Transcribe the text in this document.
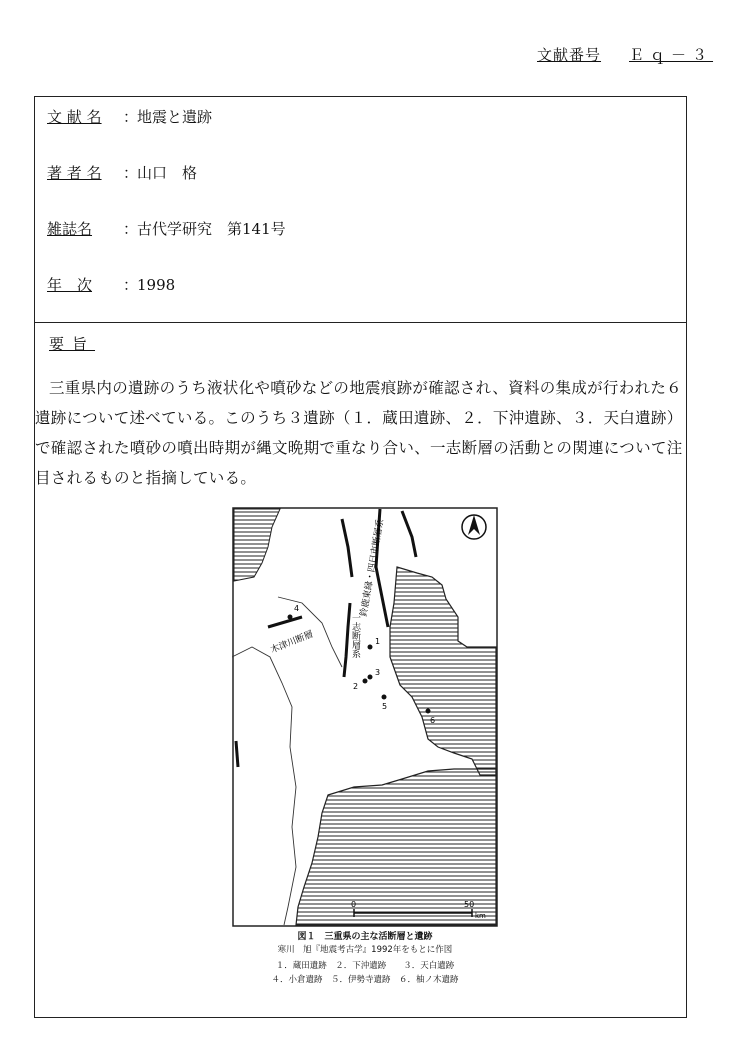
文献番号 Ｅｑ－３
文 献 名 ：地震と遺跡
著 者 名 ：山口　格
雑誌名 ：古代学研究　第141号
年　次 ：1998
要旨

三重県内の遺跡のうち液状化や噴砂などの地震痕跡が確認され、資料の集成が行われた６遺跡について述べている。このうち３遺跡（１．蔵田遺跡、２．下沖遺跡、３．天白遺跡）で確認された噴砂の噴出時期が縄文晩期で重なり合い、一志断層の活動との関連について注目されるものと指摘している。

1
2
3
4
5
6
木津川断層	一志断層系
鈴鹿東縁・四日市断層系
0	50
km
図１　三重県の主な活断層と遺跡
寒川　旭『地震考古学』1992年をもとに作図
１．蔵田遺跡　２．下沖遺跡　　３．天白遺跡
４．小倉遺跡　５．伊勢寺遺跡　６．柚ノ木遺跡
